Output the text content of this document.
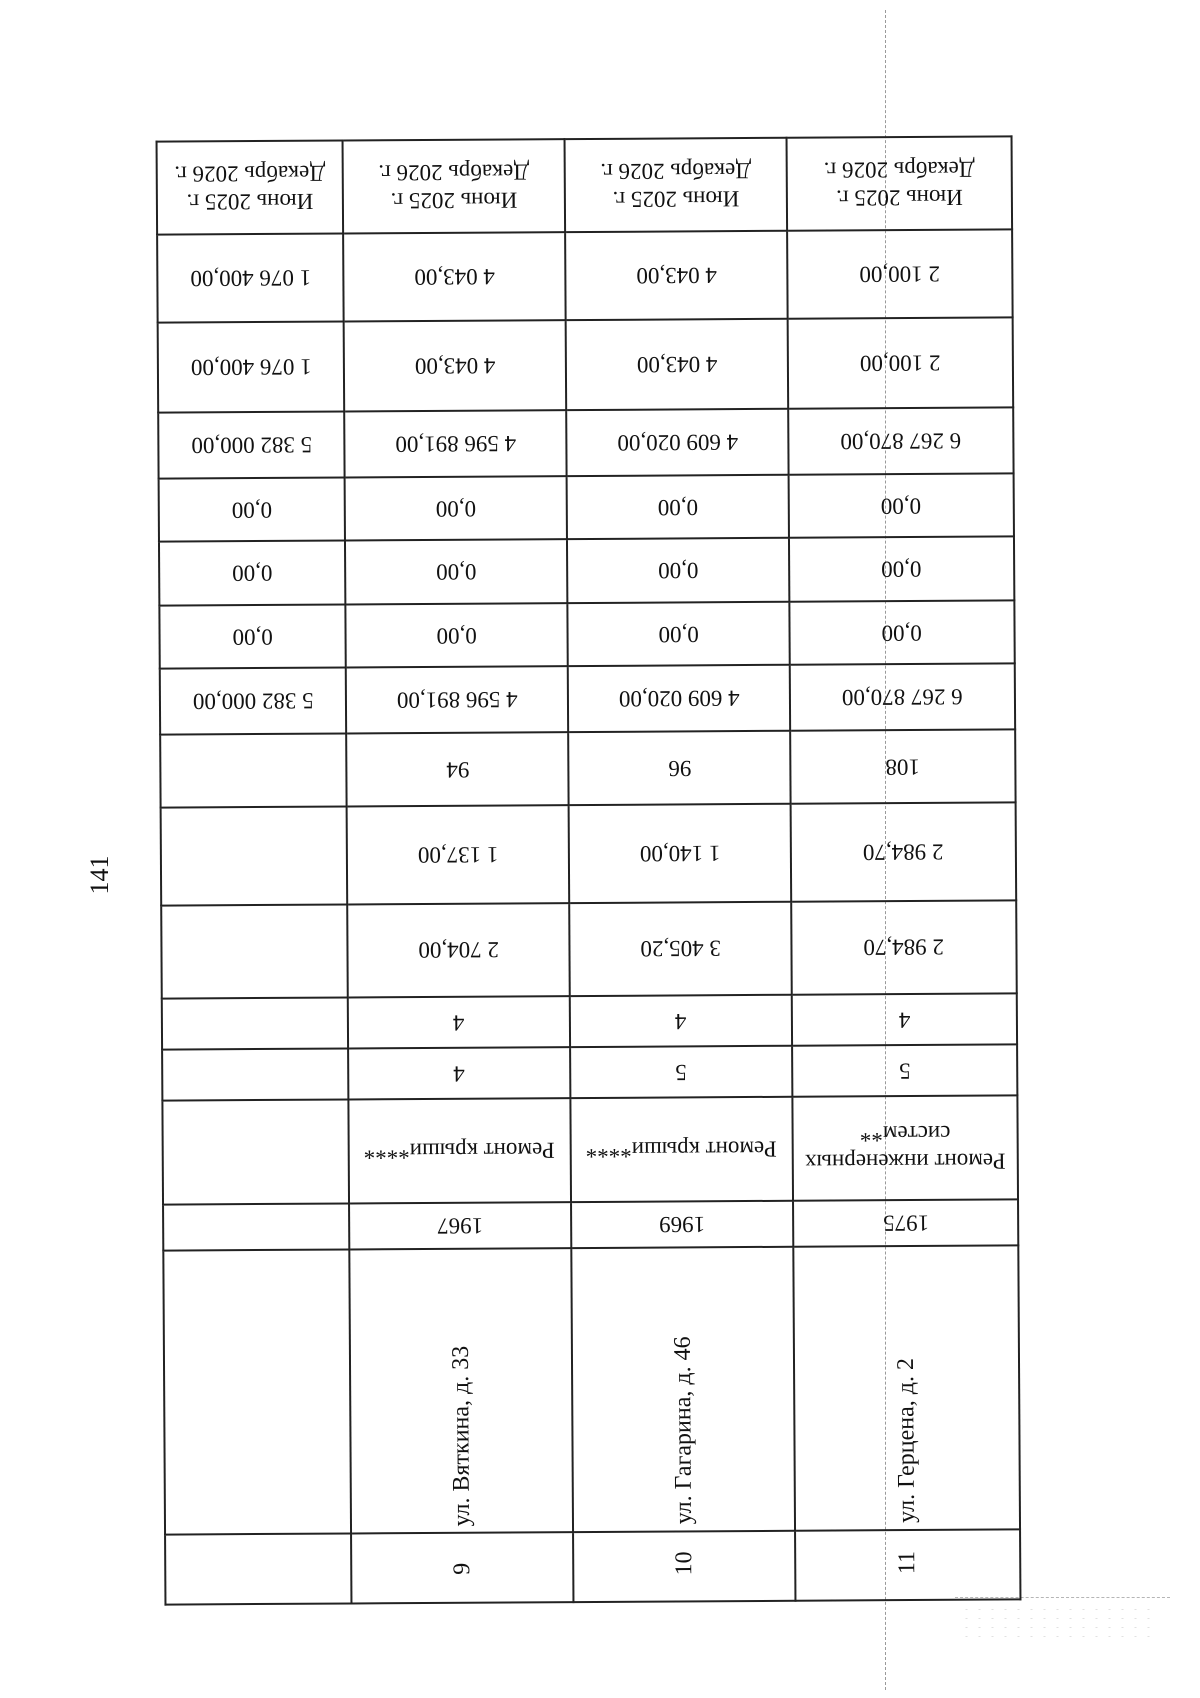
141
Июнь 2025 г. Декабрь 2026 г.	Июнь 2025 г. Декабрь 2026 г.	Июнь 2025 г. Декабрь 2026 г.	Июнь 2025 г. Декабрь 2026 г.
1 076 400,00	4 043,00	4 043,00	2 100,00
1 076 400,00	4 043,00	4 043,00	2 100,00
5 382 000,00	4 596 891,00	4 609 020,00	6 267 870,00
0,00	0,00	0,00	0,00
0,00	0,00	0,00	0,00
0,00	0,00	0,00	0,00
5 382 000,00	4 596 891,00	4 609 020,00	6 267 870,00
	94	96	108
	1 137,00	1 140,00	2 984,70
	2 704,00	3 405,20	2 984,70
	4	4	4
	4	5	5
	Ремонт крыши****	Ремонт крыши****	Ремонт инженерных систем**
	1967	1969	1975
	ул. Вяткина, д. 33	ул. Гагарина, д. 46	ул. Герцена, д. 2
	9	10	11
